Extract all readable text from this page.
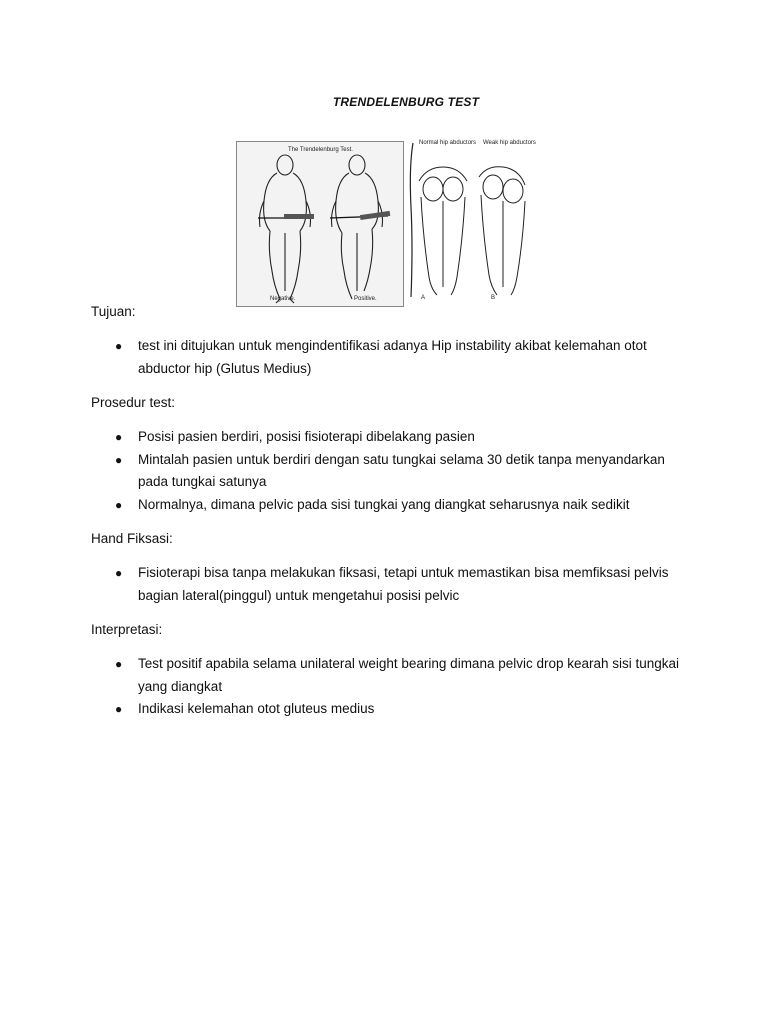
TRENDELENBURG TEST
The Trendelenburg Test.
Negative.	Positive.
Normal hip abductors Weak hip abductors
A	B
Tujuan:
● test ini ditujukan untuk mengindentifikasi adanya Hip instability akibat kelemahan otot abductor hip (Glutus Medius)
Prosedur test:
● Posisi pasien berdiri, posisi fisioterapi dibelakang pasien
● Mintalah pasien untuk berdiri dengan satu tungkai selama 30 detik tanpa menyandarkan pada tungkai satunya
● Normalnya, dimana pelvic pada sisi tungkai yang diangkat seharusnya naik sedikit
Hand Fiksasi:
● Fisioterapi bisa tanpa melakukan fiksasi, tetapi untuk memastikan bisa memfiksasi pelvis bagian lateral(pinggul) untuk mengetahui posisi pelvic
Interpretasi:
● Test positif apabila selama unilateral weight bearing dimana pelvic drop kearah sisi tungkai yang diangkat
● Indikasi kelemahan otot gluteus medius
